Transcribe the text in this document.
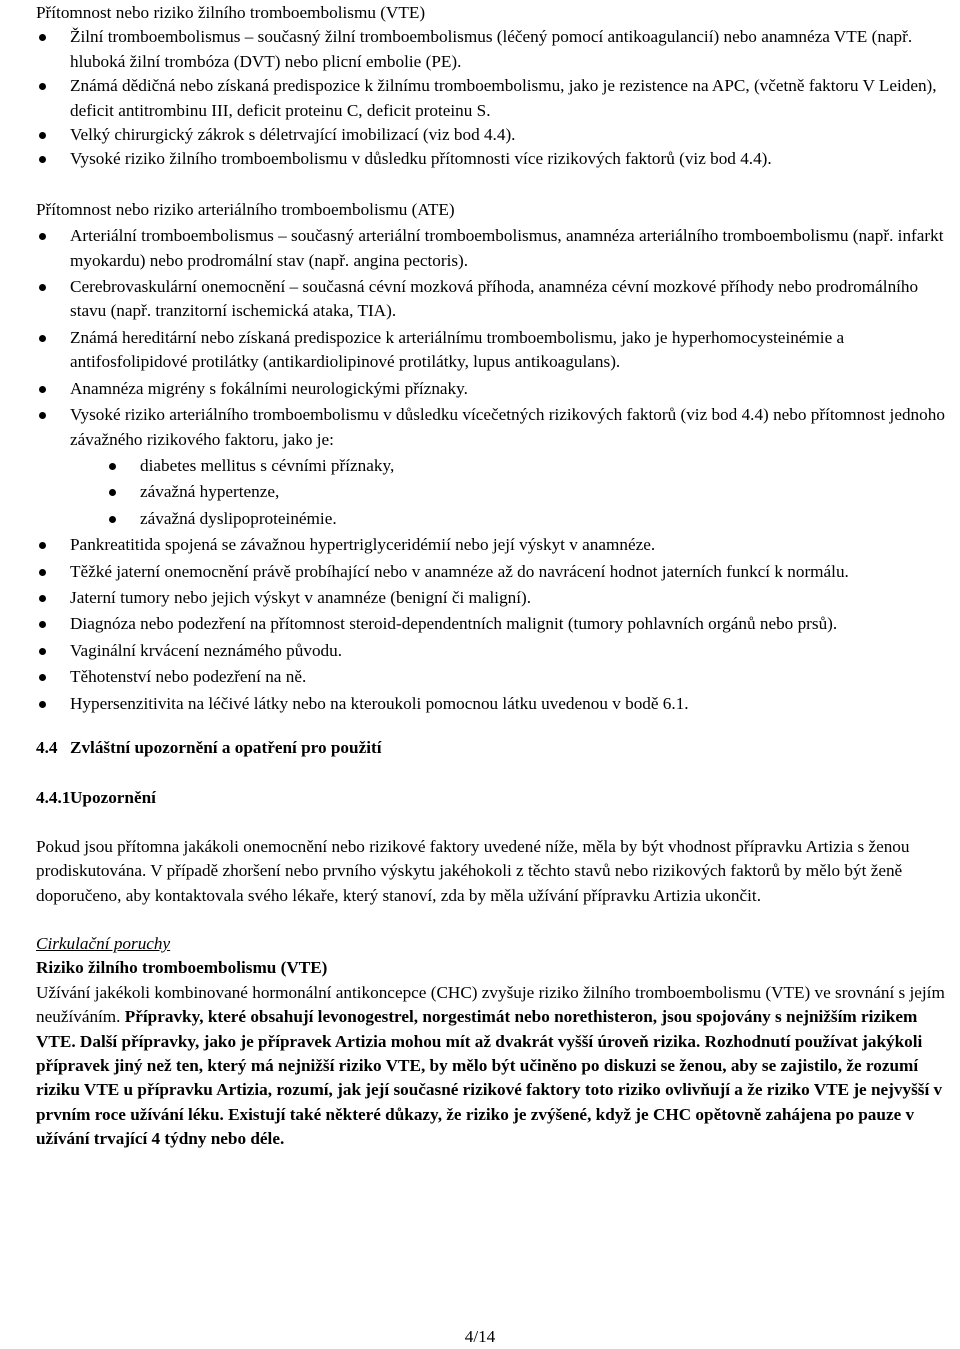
Přítomnost nebo riziko žilního tromboembolismu (VTE)

Žilní tromboembolismus – současný žilní tromboembolismus (léčený pomocí antikoagulancií) nebo anamnéza VTE (např. hluboká žilní trombóza (DVT) nebo plicní embolie (PE).
Známá dědičná nebo získaná predispozice k žilnímu tromboembolismu, jako je rezistence na APC, (včetně faktoru V Leiden), deficit antitrombinu III, deficit proteinu C, deficit proteinu S.
Velký chirurgický zákrok s déletrvající imobilizací (viz bod 4.4).
Vysoké riziko žilního tromboembolismu v důsledku přítomnosti více rizikových faktorů (viz bod 4.4).

Přítomnost nebo riziko arteriálního tromboembolismu (ATE)

Arteriální tromboembolismus – současný arteriální tromboembolismus, anamnéza arteriálního tromboembolismu (např. infarkt myokardu) nebo prodromální stav (např. angina pectoris).
Cerebrovaskulární onemocnění – současná cévní mozková příhoda, anamnéza cévní mozkové příhody nebo prodromálního stavu (např. tranzitorní ischemická ataka, TIA).
Známá hereditární nebo získaná predispozice k arteriálnímu tromboembolismu, jako je hyperhomocysteinémie a antifosfolipidové protilátky (antikardiolipinové protilátky, lupus antikoagulans).
Anamnéza migrény s fokálními neurologickými příznaky.
Vysoké riziko arteriálního tromboembolismu v důsledku vícečetných rizikových faktorů (viz bod 4.4) nebo přítomnost jednoho závažného rizikového faktoru, jako je:
diabetes mellitus s cévními příznaky,
závažná hypertenze,
závažná dyslipoproteinémie.
Pankreatitida spojená se závažnou hypertriglyceridémií nebo její výskyt v anamnéze.
Těžké jaterní onemocnění právě probíhající nebo v anamnéze až do navrácení hodnot jaterních funkcí k normálu.
Jaterní tumory nebo jejich výskyt v anamnéze (benigní či maligní).
Diagnóza nebo podezření na přítomnost steroid-dependentních malignit (tumory pohlavních orgánů nebo prsů).
Vaginální krvácení neznámého původu.
Těhotenství nebo podezření na ně.
Hypersenzitivita na léčivé látky nebo na kteroukoli pomocnou látku uvedenou v bodě 6.1.

4.4 Zvláštní upozornění a opatření pro použití

4.4.1Upozornění

Pokud jsou přítomna jakákoli onemocnění nebo rizikové faktory uvedené níže, měla by být vhodnost přípravku Artizia s ženou prodiskutována. V případě zhoršení nebo prvního výskytu jakéhokoli z těchto stavů nebo rizikových faktorů by mělo být ženě doporučeno, aby kontaktovala svého lékaře, který stanoví, zda by měla užívání přípravku Artizia ukončit.

Cirkulační poruchy

Riziko žilního tromboembolismu (VTE)

Užívání jakékoli kombinované hormonální antikoncepce (CHC) zvyšuje riziko žilního tromboembolismu (VTE) ve srovnání s jejím neužíváním. Přípravky, které obsahují levonogestrel, norgestimát nebo norethisteron, jsou spojovány s nejnižším rizikem VTE. Další přípravky, jako je přípravek Artizia mohou mít až dvakrát vyšší úroveň rizika. Rozhodnutí používat jakýkoli přípravek jiný než ten, který má nejnižší riziko VTE, by mělo být učiněno po diskuzi se ženou, aby se zajistilo, že rozumí riziku VTE u přípravku Artizia, rozumí, jak její současné rizikové faktory toto riziko ovlivňují a že riziko VTE je nejvyšší v prvním roce užívání léku. Existují také některé důkazy, že riziko je zvýšené, když je CHC opětovně zahájena po pauze v užívání trvající 4 týdny nebo déle.

4/14
